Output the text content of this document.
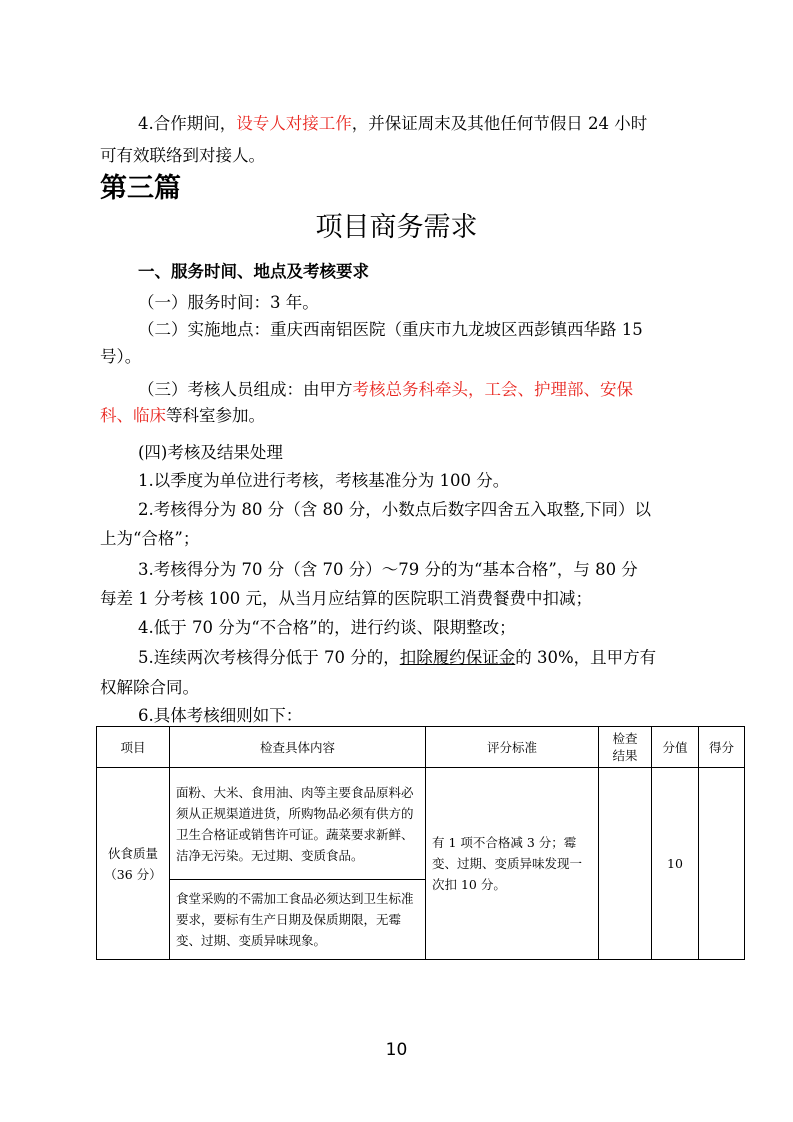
4.合作期间，设专人对接工作，并保证周末及其他任何节假日 24 小时
可有效联络到对接人。
第三篇
项目商务需求
一、服务时间、地点及考核要求
（一）服务时间：3 年。
（二）实施地点：重庆西南铝医院（重庆市九龙坡区西彭镇西华路 15
号）。
（三）考核人员组成：由甲方考核总务科牵头，工会、护理部、安保
科、临床等科室参加。
(四)考核及结果处理
1.以季度为单位进行考核，考核基准分为 100 分。
2.考核得分为 80 分（含 80 分，小数点后数字四舍五入取整,下同）以
上为“合格”；
3.考核得分为 70 分（含 70 分）～79 分的为“基本合格”，与 80 分
每差 1 分考核 100 元，从当月应结算的医院职工消费餐费中扣减；
4.低于 70 分为“不合格”的，进行约谈、限期整改；
5.连续两次考核得分低于 70 分的，扣除履约保证金的 30%，且甲方有
权解除合同。
6.具体考核细则如下：
项目	检查具体内容	评分标准	检查
结果	分值	得分
伙食质量
（36 分）	面粉、大米、食用油、肉等主要食品原料必须从正规渠道进货，所购物品必须有供方的卫生合格证或销售许可证。蔬菜要求新鲜、洁净无污染。无过期、变质食品。	有 1 项不合格减 3 分；霉变、过期、变质异味发现一次扣 10 分。		10	

	食堂采购的不需加工食品必须达到卫生标准要求，要标有生产日期及保质期限，无霉变、过期、变质异味现象。				
10
